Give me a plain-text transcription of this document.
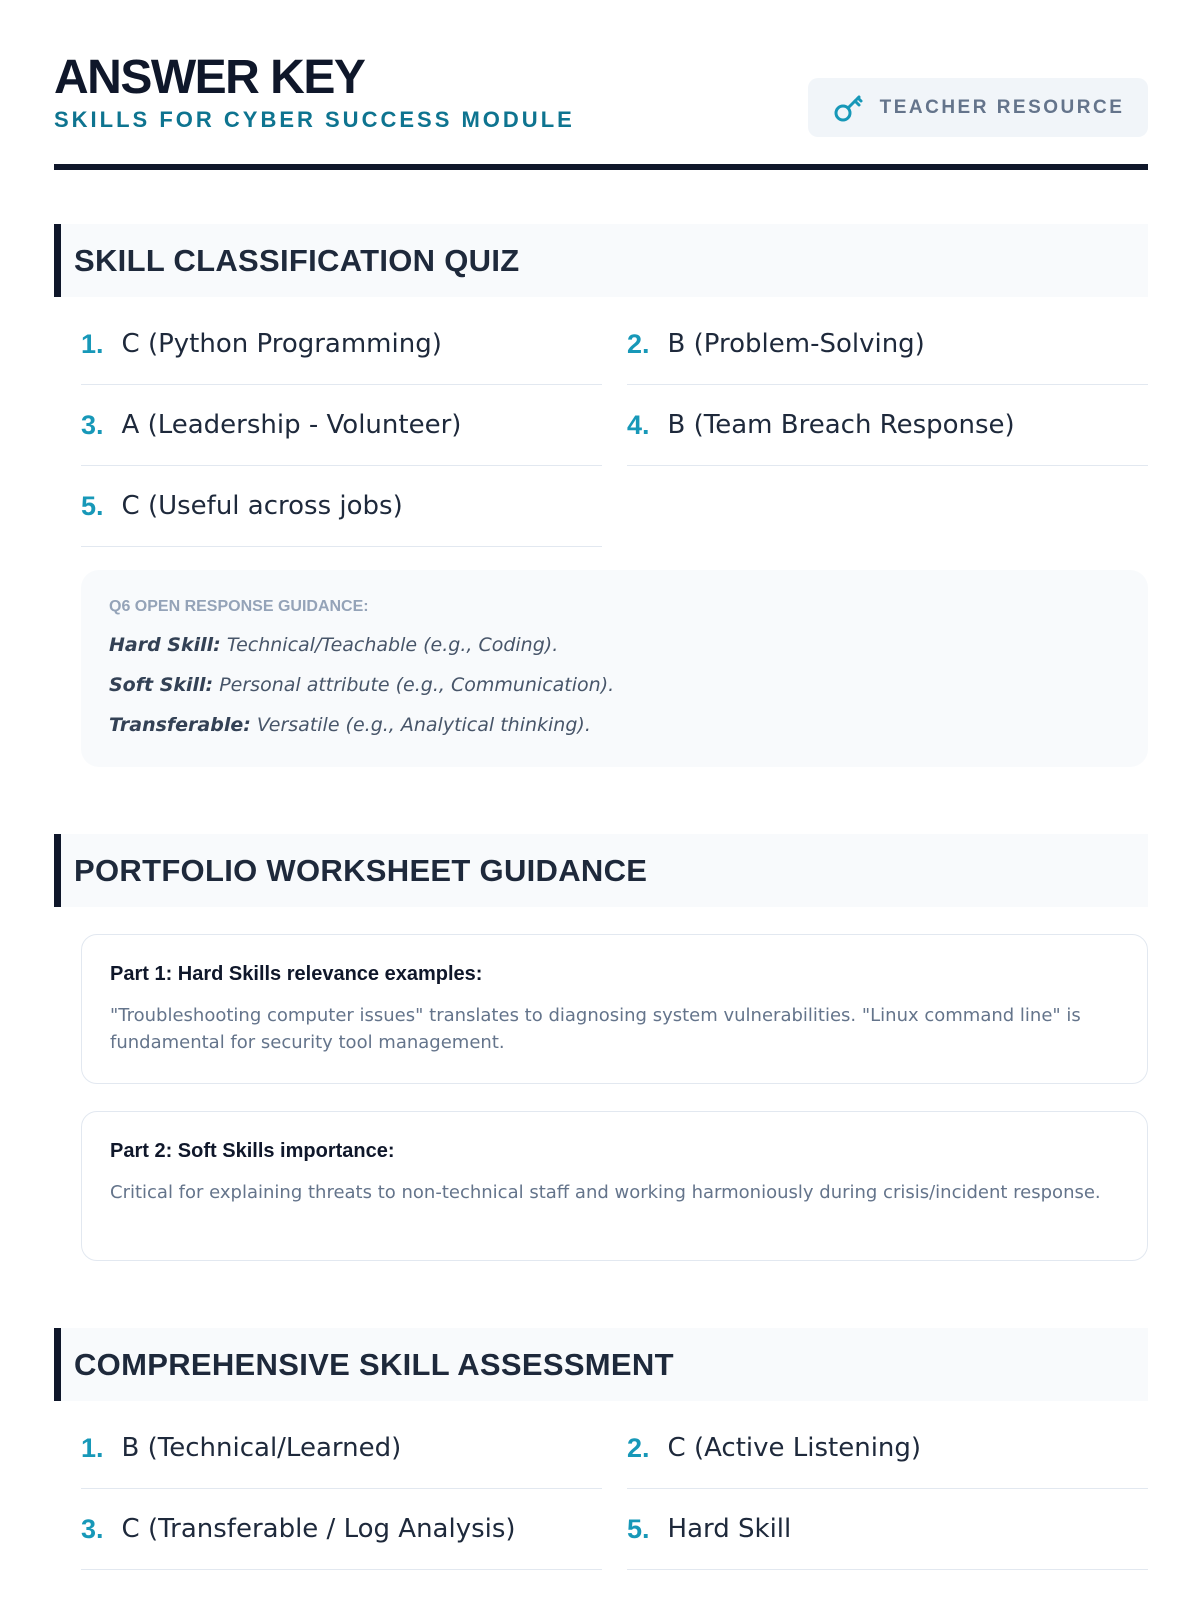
ANSWER KEY
SKILLS FOR CYBER SUCCESS MODULE	TEACHER RESOURCE
SKILL CLASSIFICATION QUIZ
1. C (Python Programming)	2. B (Problem-Solving)
3. A (Leadership - Volunteer)	4. B (Team Breach Response)
5. C (Useful across jobs)
Q6 OPEN RESPONSE GUIDANCE:
Hard Skill: Technical/Teachable (e.g., Coding).
Soft Skill: Personal attribute (e.g., Communication).
Transferable: Versatile (e.g., Analytical thinking).
PORTFOLIO WORKSHEET GUIDANCE

Part 1: Hard Skills relevance examples:

"Troubleshooting computer issues" translates to diagnosing system vulnerabilities. "Linux command line" is fundamental for security tool management.

Part 2: Soft Skills importance:

Critical for explaining threats to non-technical staff and working harmoniously during crisis/incident response.

COMPREHENSIVE SKILL ASSESSMENT
1. B (Technical/Learned)	2. C (Active Listening)
3. C (Transferable / Log Analysis)	5. Hard Skill
